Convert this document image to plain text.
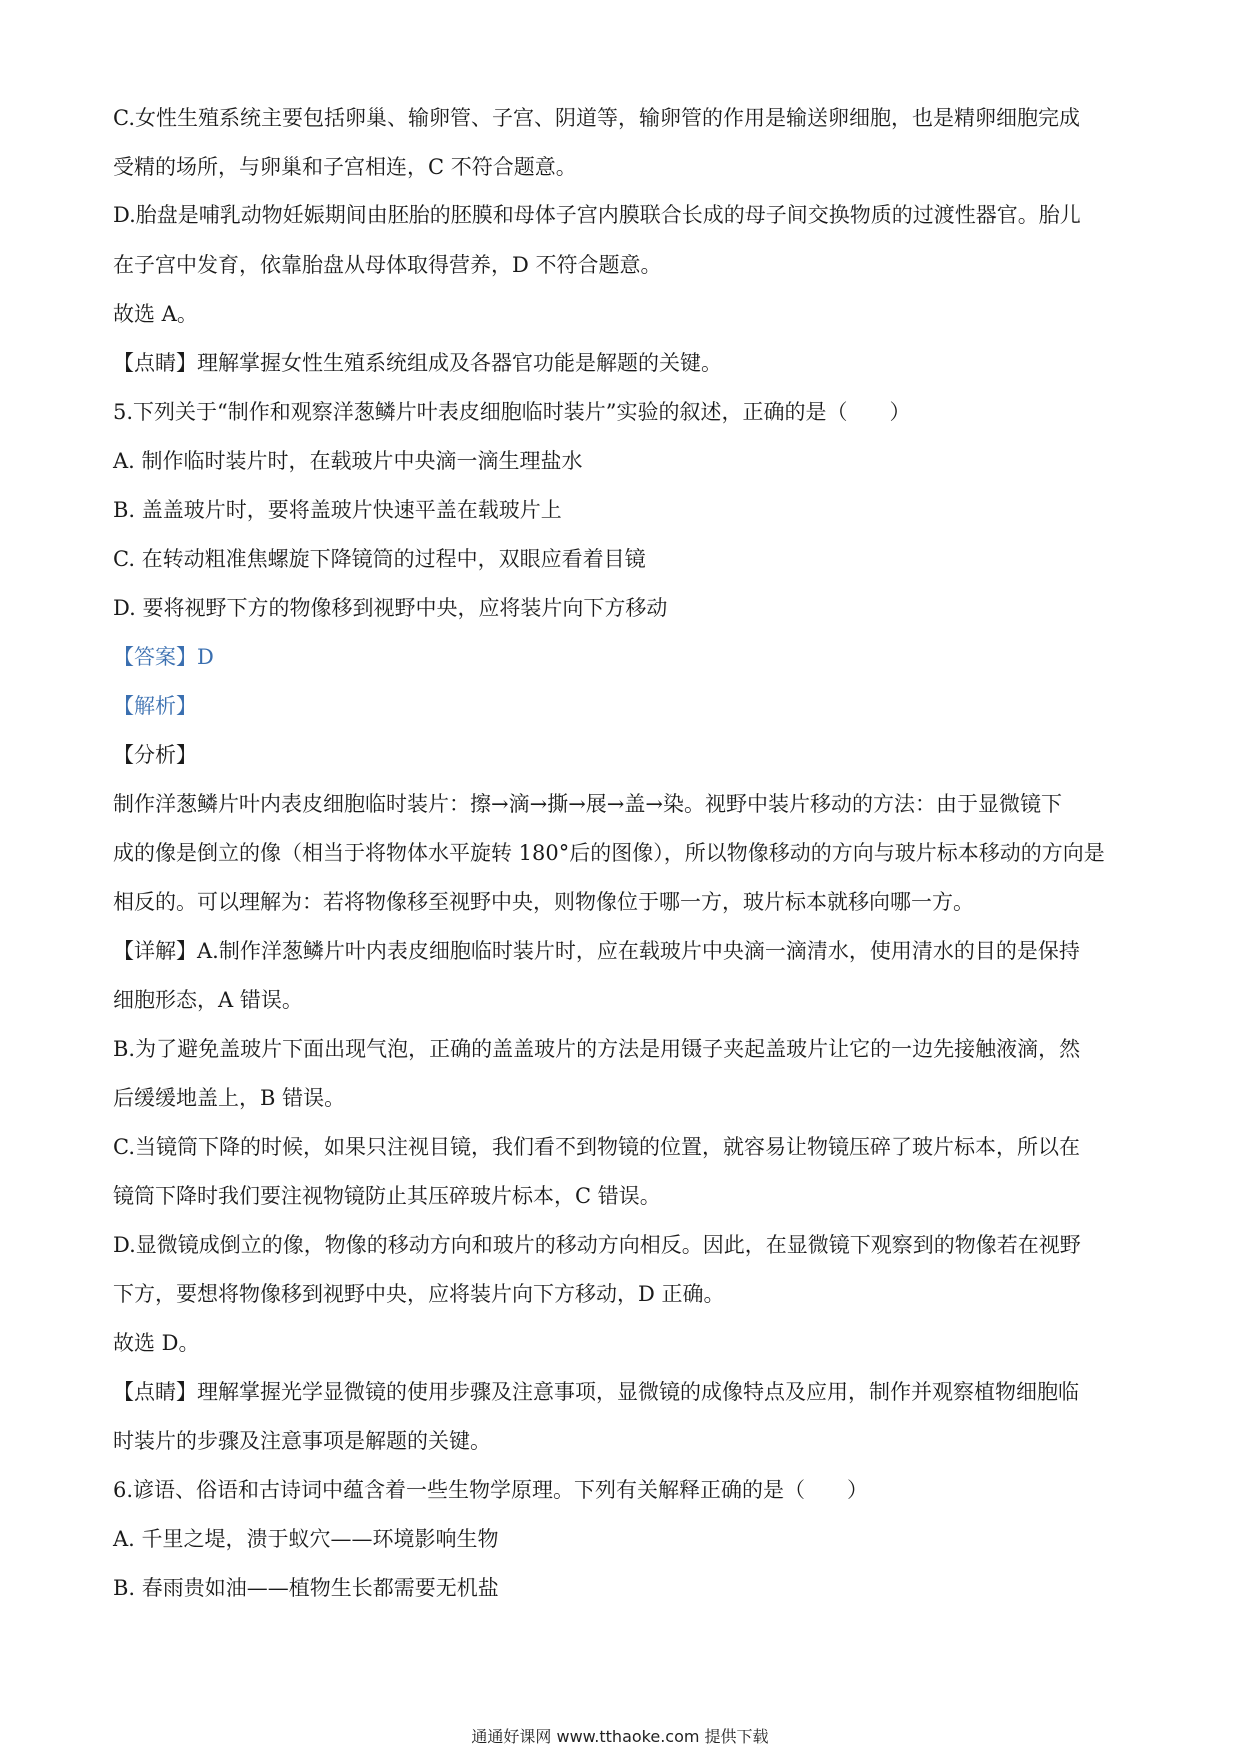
C.女性生殖系统主要包括卵巢、输卵管、子宫、阴道等，输卵管的作用是输送卵细胞，也是精卵细胞完成
受精的场所，与卵巢和子宫相连，C 不符合题意。
D.胎盘是哺乳动物妊娠期间由胚胎的胚膜和母体子宫内膜联合长成的母子间交换物质的过渡性器官。胎儿
在子宫中发育，依靠胎盘从母体取得营养，D 不符合题意。
故选 A。
【点睛】理解掌握女性生殖系统组成及各器官功能是解题的关键。
5.下列关于“制作和观察洋葱鳞片叶表皮细胞临时装片”实验的叙述，正确的是（　　）
A. 制作临时装片时，在载玻片中央滴一滴生理盐水
B. 盖盖玻片时，要将盖玻片快速平盖在载玻片上
C. 在转动粗准焦螺旋下降镜筒的过程中，双眼应看着目镜
D. 要将视野下方的物像移到视野中央，应将装片向下方移动
【答案】D
【解析】
【分析】
制作洋葱鳞片叶内表皮细胞临时装片：擦→滴→撕→展→盖→染。视野中装片移动的方法：由于显微镜下
成的像是倒立的像（相当于将物体水平旋转 180°后的图像），所以物像移动的方向与玻片标本移动的方向是
相反的。可以理解为：若将物像移至视野中央，则物像位于哪一方，玻片标本就移向哪一方。
【详解】A.制作洋葱鳞片叶内表皮细胞临时装片时，应在载玻片中央滴一滴清水，使用清水的目的是保持
细胞形态，A 错误。
B.为了避免盖玻片下面出现气泡，正确的盖盖玻片的方法是用镊子夹起盖玻片让它的一边先接触液滴，然
后缓缓地盖上，B 错误。
C.当镜筒下降的时候，如果只注视目镜，我们看不到物镜的位置，就容易让物镜压碎了玻片标本，所以在
镜筒下降时我们要注视物镜防止其压碎玻片标本，C 错误。
D.显微镜成倒立的像，物像的移动方向和玻片的移动方向相反。因此，在显微镜下观察到的物像若在视野
下方，要想将物像移到视野中央，应将装片向下方移动，D 正确。
故选 D。
【点睛】理解掌握光学显微镜的使用步骤及注意事项，显微镜的成像特点及应用，制作并观察植物细胞临
时装片的步骤及注意事项是解题的关键。
6.谚语、俗语和古诗词中蕴含着一些生物学原理。下列有关解释正确的是（　　）
A. 千里之堤，溃于蚁穴——环境影响生物
B. 春雨贵如油——植物生长都需要无机盐
通通好课网 www.tthaoke.com 提供下载
